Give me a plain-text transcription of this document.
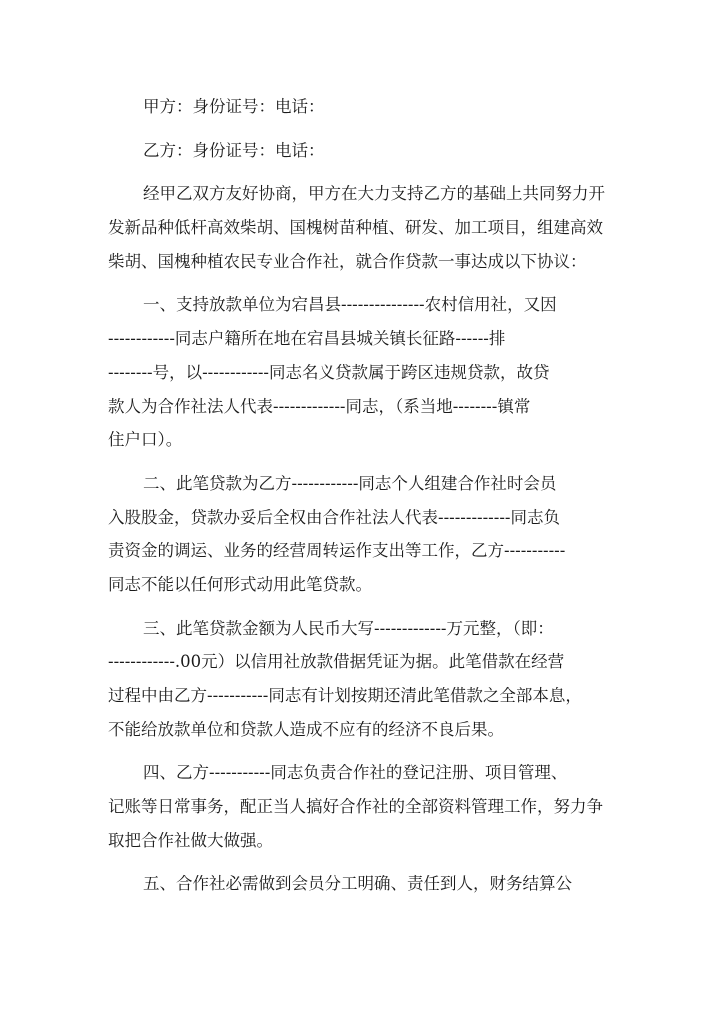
甲方：身份证号：电话：
乙方：身份证号：电话：
经甲乙双方友好协商，甲方在大力支持乙方的基础上共同努力开
发新品种低杆高效柴胡、国槐树苗种植、研发、加工项目，组建高效
柴胡、国槐种植农民专业合作社，就合作贷款一事达成以下协议：
一、支持放款单位为宕昌县---------------农村信用社，又因
------------同志户籍所在地在宕昌县城关镇长征路------排
--------号，以------------同志名义贷款属于跨区违规贷款，故贷
款人为合作社法人代表-------------同志，（系当地--------镇常
住户口）。
二、此笔贷款为乙方------------同志个人组建合作社时会员
入股股金，贷款办妥后全权由合作社法人代表-------------同志负
责资金的调运、业务的经营周转运作支出等工作，乙方-----------
同志不能以任何形式动用此笔贷款。
三、此笔贷款金额为人民币大写-------------万元整，（即：
------------.00元）以信用社放款借据凭证为据。此笔借款在经营
过程中由乙方-----------同志有计划按期还清此笔借款之全部本息，
不能给放款单位和贷款人造成不应有的经济不良后果。
四、乙方-----------同志负责合作社的登记注册、项目管理、
记账等日常事务，配正当人搞好合作社的全部资料管理工作，努力争
取把合作社做大做强。
五、合作社必需做到会员分工明确、责任到人，财务结算公
